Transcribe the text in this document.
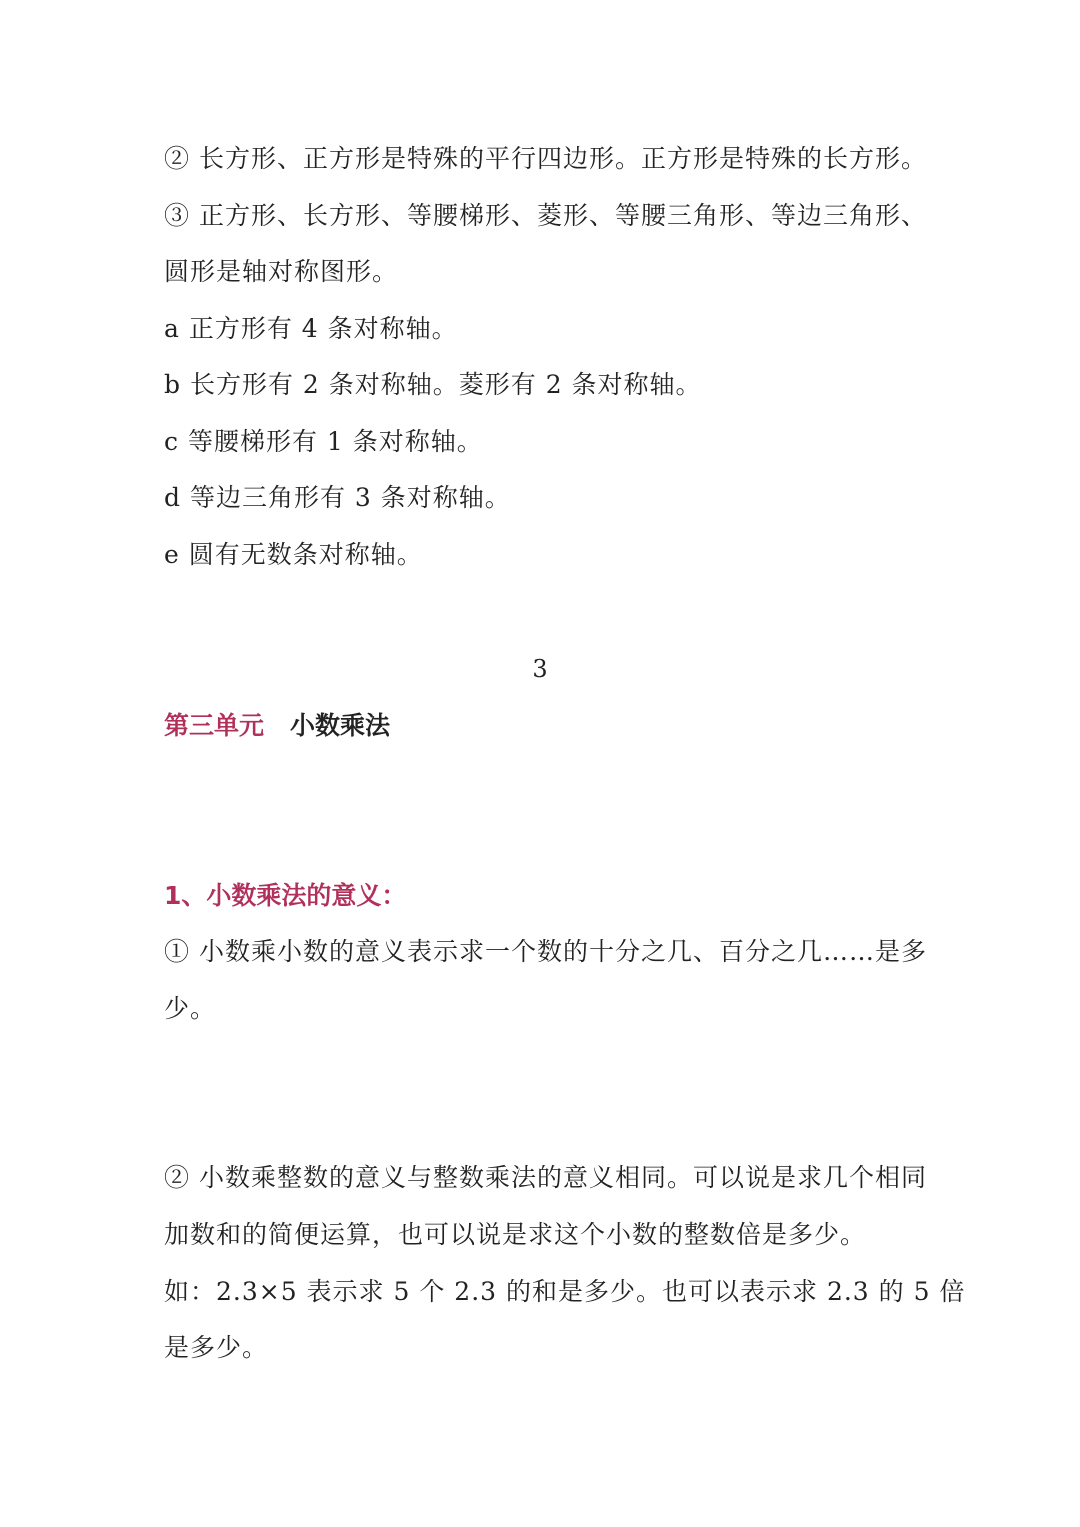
② 长方形、正方形是特殊的平行四边形。正方形是特殊的长方形。
③ 正方形、长方形、等腰梯形、菱形、等腰三角形、等边三角形、
圆形是轴对称图形。
a 正方形有 4 条对称轴。
b 长方形有 2 条对称轴。菱形有 2 条对称轴。
c 等腰梯形有 1 条对称轴。
d 等边三角形有 3 条对称轴。
e 圆有无数条对称轴。
3
第三单元 小数乘法
1、小数乘法的意义：
① 小数乘小数的意义表示求一个数的十分之几、百分之几……是多
少。
② 小数乘整数的意义与整数乘法的意义相同。可以说是求几个相同
加数和的简便运算，也可以说是求这个小数的整数倍是多少。
如：2.3×5 表示求 5 个 2.3 的和是多少。也可以表示求 2.3 的 5 倍
是多少。
